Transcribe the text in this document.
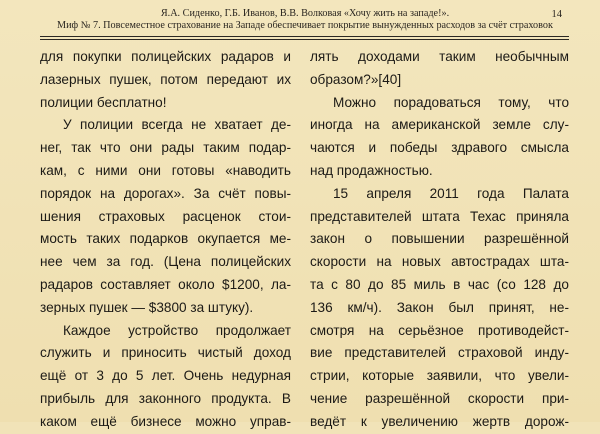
Я.А. Сиденко, Г.Б. Иванов, В.В. Волковая «Хочу жить на западе!».
Миф № 7. Повсеместное страхование на Западе обеспечивает покрытие вынужденных расходов за счёт страховок
14
для покупки полицейских радаров и
лазерных пушек, потом передают их
полиции бесплатно!
У полиции всегда не хватает де-
нег, так что они рады таким подар-
кам, с ними они готовы «наводить
порядок на дорогах». За счёт повы-
шения страховых расценок стои-
мость таких подарков окупается ме-
нее чем за год. (Цена полицейских
радаров составляет около $1200, ла-
зерных пушек — $3800 за штуку).
Каждое устройство продолжает
служить и приносить чистый доход
ещё от 3 до 5 лет. Очень недурная
прибыль для законного продукта. В
каком ещё бизнесе можно управ-
лять доходами таким необычным
образом?»[40]
Можно порадоваться тому, что
иногда на американской земле слу-
чаются и победы здравого смысла
над продажностью.
15 апреля 2011 года Палата
представителей штата Техас приняла
закон о повышении разрешённой
скорости на новых автострадах шта-
та с 80 до 85 миль в час (со 128 до
136 км/ч). Закон был принят, не-
смотря на серьёзное противодейст-
вие представителей страховой инду-
стрии, которые заявили, что увели-
чение разрешённой скорости при-
ведёт к увеличению жертв дорож-
